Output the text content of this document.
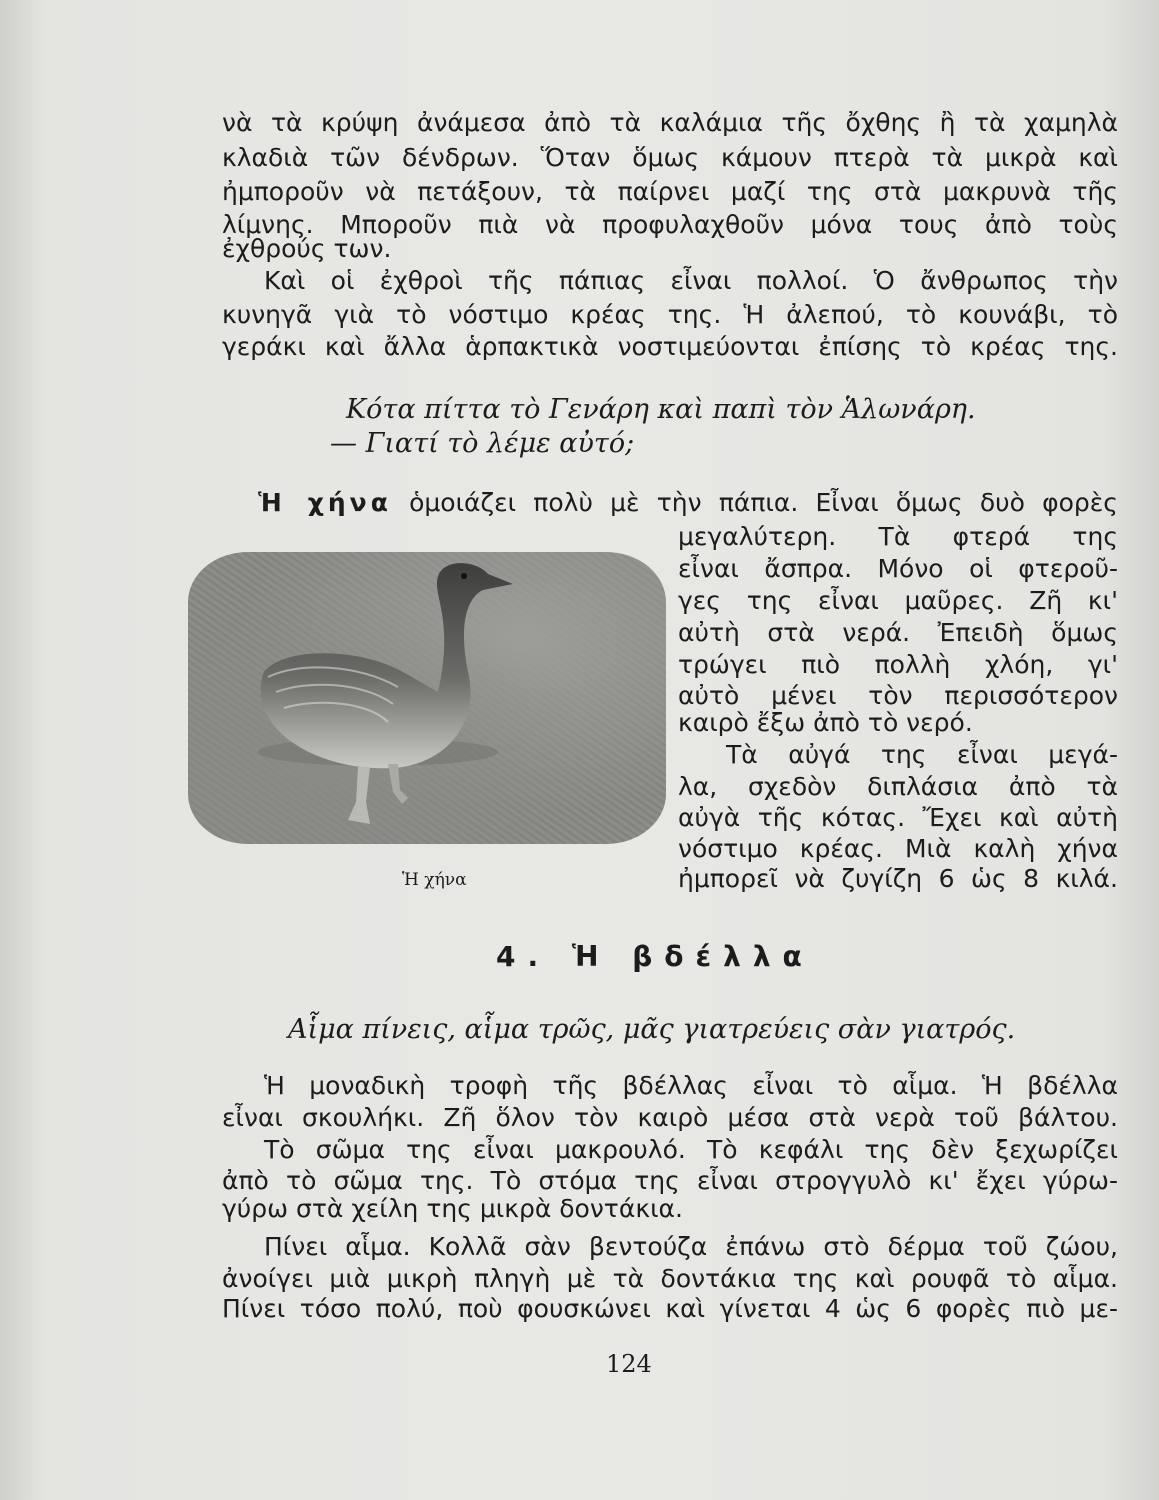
νὰ τὰ κρύψη ἀνάμεσα ἀπὸ τὰ καλάμια τῆς ὄχθης ἢ τὰ χαμηλὰ
κλαδιὰ τῶν δένδρων. Ὅταν ὅμως κάμουν πτερὰ τὰ μικρὰ καὶ
ἠμποροῦν νὰ πετάξουν, τὰ παίρνει μαζί της στὰ μακρυνὰ τῆς
λίμνης. Μποροῦν πιὰ νὰ προφυλαχθοῦν μόνα τους ἀπὸ τοὺς
ἐχθρούς των.
Καὶ οἱ ἐχθροὶ τῆς πάπιας εἶναι πολλοί. Ὁ ἄνθρωπος τὴν
κυνηγᾶ γιὰ τὸ νόστιμο κρέας της. Ἡ ἀλεπού, τὸ κουνάβι, τὸ
γεράκι καὶ ἄλλα ἁρπακτικὰ νοστιμεύονται ἐπίσης τὸ κρέας της.
Κότα πίττα τὸ Γενάρη καὶ παπὶ τὸν Ἁλωνάρη.
— Γιατί τὸ λέμε αὐτό;
Ἡ χήνα ὁμοιάζει πολὺ μὲ τὴν πάπια. Εἶναι ὅμως δυὸ φορὲς
Ἡ χήνα
μεγαλύτερη. Τὰ φτερά της
εἶναι ἄσπρα. Μόνο οἱ φτεροῦ-
γες της εἶναι μαῦρες. Ζῆ κι'
αὐτὴ στὰ νερά. Ἐπειδὴ ὅμως
τρώγει πιὸ πολλὴ χλόη, γι'
αὐτὸ μένει τὸν περισσότερον
καιρὸ ἔξω ἀπὸ τὸ νερό.
Τὰ αὐγά της εἶναι μεγά-
λα, σχεδὸν διπλάσια ἀπὸ τὰ
αὐγὰ τῆς κότας. Ἔχει καὶ αὐτὴ
νόστιμο κρέας. Μιὰ καλὴ χήνα
ἠμπορεῖ νὰ ζυγίζη 6 ὡς 8 κιλά.
4. Ἡ βδέλλα
Αἷμα πίνεις, αἷμα τρῶς, μᾶς γιατρεύεις σὰν γιατρός.
Ἡ μοναδικὴ τροφὴ τῆς βδέλλας εἶναι τὸ αἷμα. Ἡ βδέλλα
εἶναι σκουλήκι. Ζῆ ὅλον τὸν καιρὸ μέσα στὰ νερὰ τοῦ βάλτου.
Τὸ σῶμα της εἶναι μακρουλό. Τὸ κεφάλι της δὲν ξεχωρίζει
ἀπὸ τὸ σῶμα της. Τὸ στόμα της εἶναι στρογγυλὸ κι' ἔχει γύρω-
γύρω στὰ χείλη της μικρὰ δοντάκια.
Πίνει αἷμα. Κολλᾶ σὰν βεντούζα ἐπάνω στὸ δέρμα τοῦ ζώου,
ἀνοίγει μιὰ μικρὴ πληγὴ μὲ τὰ δοντάκια της καὶ ρουφᾶ τὸ αἷμα.
Πίνει τόσο πολύ, ποὺ φουσκώνει καὶ γίνεται 4 ὡς 6 φορὲς πιὸ με-
124
